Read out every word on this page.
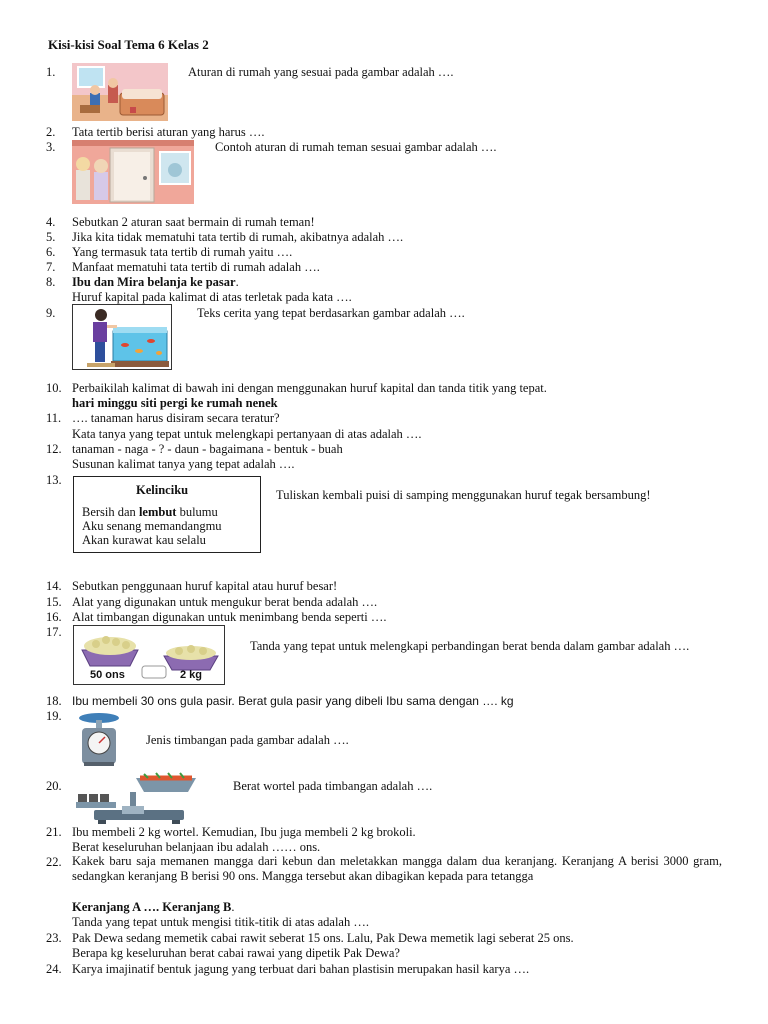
Kisi-kisi Soal Tema 6 Kelas 2
1.	Aturan di rumah yang sesuai pada gambar adalah ….
2. Tata tertib berisi aturan yang harus ….
3.	Contoh aturan di rumah teman sesuai gambar adalah ….
4. Sebutkan 2 aturan saat bermain di rumah teman!
5. Jika kita tidak mematuhi tata tertib di rumah, akibatnya adalah ….
6. Yang termasuk tata tertib di rumah yaitu ….
7. Manfaat mematuhi tata tertib di rumah adalah ….
8. Ibu dan Mira belanja ke pasar.
Huruf kapital pada kalimat di atas terletak pada kata ….
9.	Teks cerita yang tepat berdasarkan gambar adalah ….
10. Perbaikilah kalimat di bawah ini dengan menggunakan huruf kapital dan tanda titik yang tepat.
hari minggu siti pergi ke rumah nenek
11. …. tanaman harus disiram secara teratur?
Kata tanya yang tepat untuk melengkapi pertanyaan di atas adalah ….
12. tanaman - naga - ? - daun - bagaimana - bentuk - buah
Susunan kalimat tanya yang tepat adalah ….
13.
Kelinciku
Bersih dan lembut bulumu
Aku senang memandangmu
Akan kurawat kau selalu
Tuliskan kembali puisi di samping menggunakan huruf tegak bersambung!
14. Sebutkan penggunaan huruf kapital atau huruf besar!
15. Alat yang digunakan untuk mengukur berat benda adalah ….
16. Alat timbangan digunakan untuk menimbang benda seperti ….
17.
50 ons	2 kg
Tanda yang tepat untuk melengkapi perbandingan berat benda dalam gambar adalah ….
18. Ibu membeli 30 ons gula pasir. Berat gula pasir yang dibeli Ibu sama dengan …. kg
19.
Jenis timbangan pada gambar adalah ….
20.	Berat wortel pada timbangan adalah ….
21. Ibu membeli 2 kg wortel. Kemudian, Ibu juga membeli 2 kg brokoli.
Berat keseluruhan belanjaan ibu adalah …… ons.
22. Kakek baru saja memanen mangga dari kebun dan meletakkan mangga dalam dua keranjang. Keranjang A berisi 3000 gram, sedangkan keranjang B berisi 90 ons. Mangga tersebut akan dibagikan kepada para tetangga
Keranjang A …. Keranjang B.
Tanda yang tepat untuk mengisi titik-titik di atas adalah ….
23. Pak Dewa sedang memetik cabai rawit seberat 15 ons. Lalu, Pak Dewa memetik lagi seberat 25 ons.
Berapa kg keseluruhan berat cabai rawai yang dipetik Pak Dewa?
24. Karya imajinatif bentuk jagung yang terbuat dari bahan plastisin merupakan hasil karya ….
